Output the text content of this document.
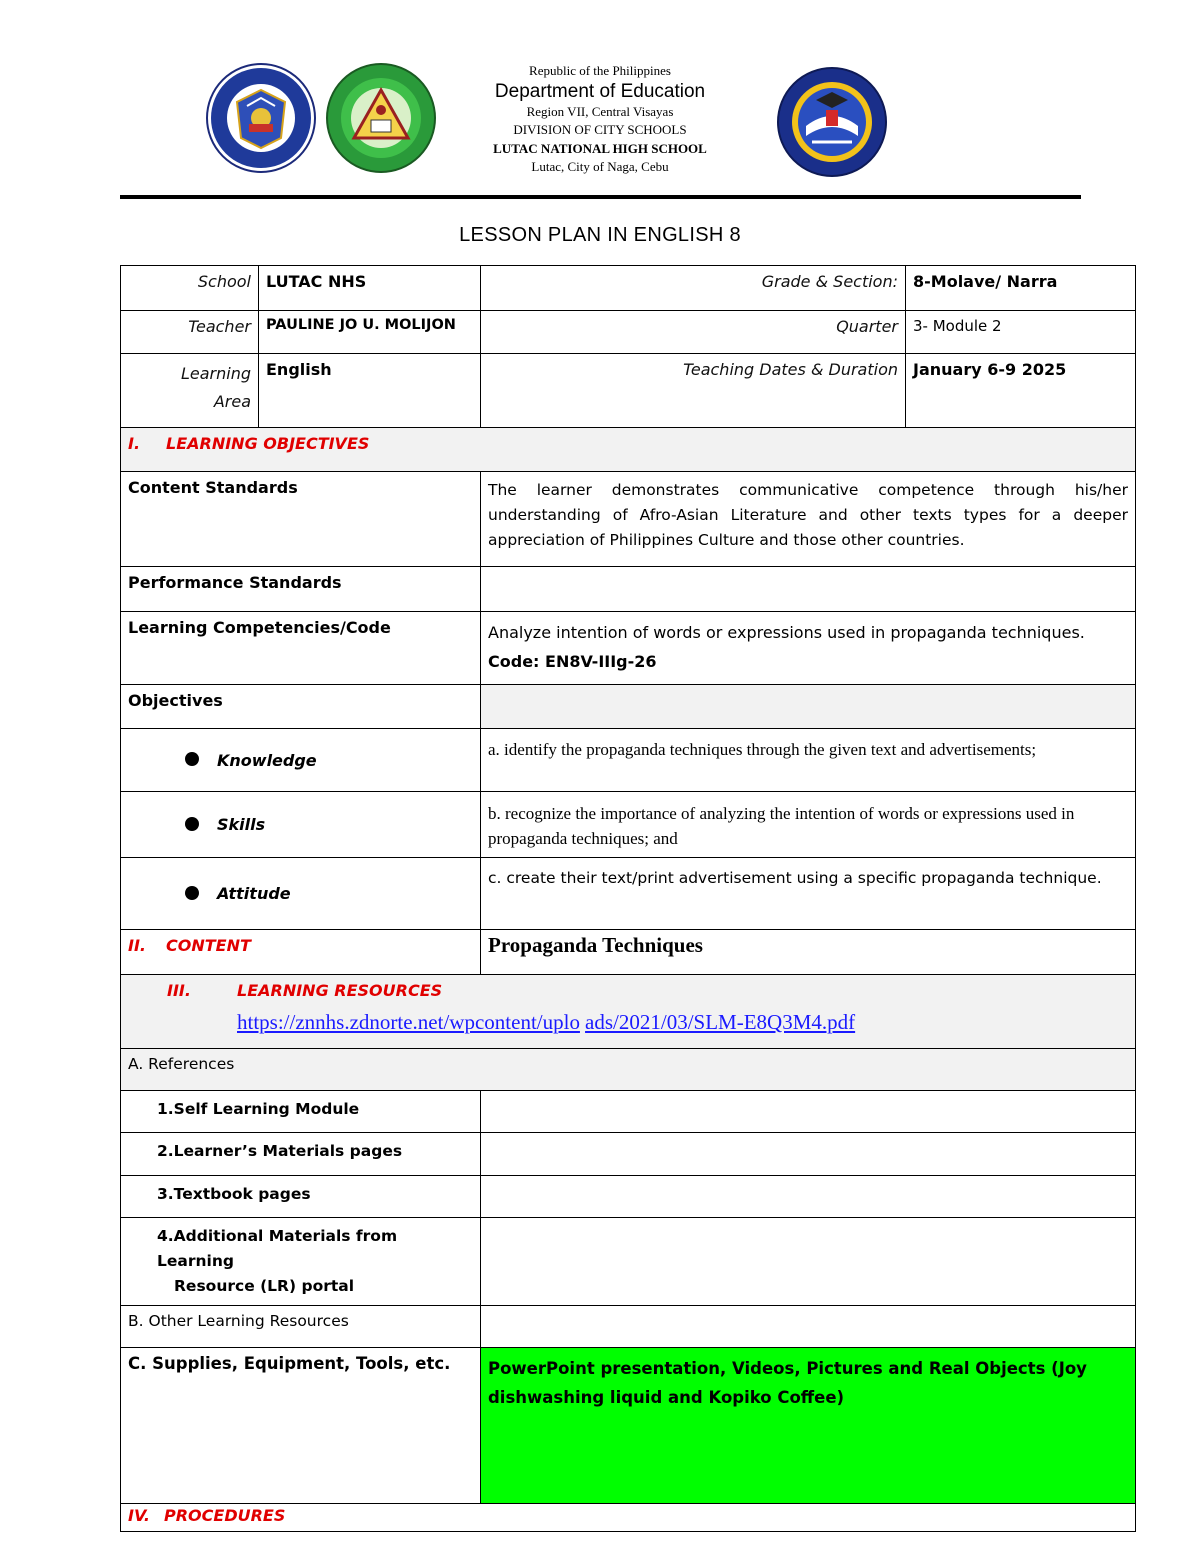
Republic of the Philippines
Department of Education
Region VII, Central Visayas
DIVISION OF CITY SCHOOLS
LUTAC NATIONAL HIGH SCHOOL
Lutac, City of Naga, Cebu
LESSON PLAN IN ENGLISH 8
School	LUTAC NHS	Grade & Section:	8-Molave/ Narra
Teacher	PAULINE JO U. MOLIJON	Quarter	3- Module 2

Learning
Area	English	Teaching Dates & Duration	January 6-9 2025
I. LEARNING OBJECTIVES			
Content Standards		The learner demonstrates communicative competence through his/her understanding of Afro-Asian Literature and other texts types for a deeper appreciation of Philippines Culture and those other countries.	
Performance Standards			
Learning Competencies/Code		Analyze intention of words or expressions used in propaganda techniques. Code: EN8V-IIIg-26	
Objectives			
Knowledge		a. identify the propaganda techniques through the given text and advertisements;	
Skills		b. recognize the importance of analyzing the intention of words or expressions used in propaganda techniques; and	
Attitude		c. create their text/print advertisement using a specific propaganda technique.	
II. CONTENT		Propaganda Techniques	

III. LEARNING RESOURCES
https://znnhs.zdnorte.net/wpcontent/uplo ads/2021/03/SLM-E8Q3M4.pdf			

A. References			
1.Self Learning Module			
2.Learner’s Materials pages			
3.Textbook pages			

4.Additional Materials from Learning
Resource (LR) portal			

B. Other Learning Resources			
C. Supplies, Equipment, Tools, etc.		PowerPoint presentation, Videos, Pictures and Real Objects (Joy dishwashing liquid and Kopiko Coffee)	
IV. PROCEDURES			
